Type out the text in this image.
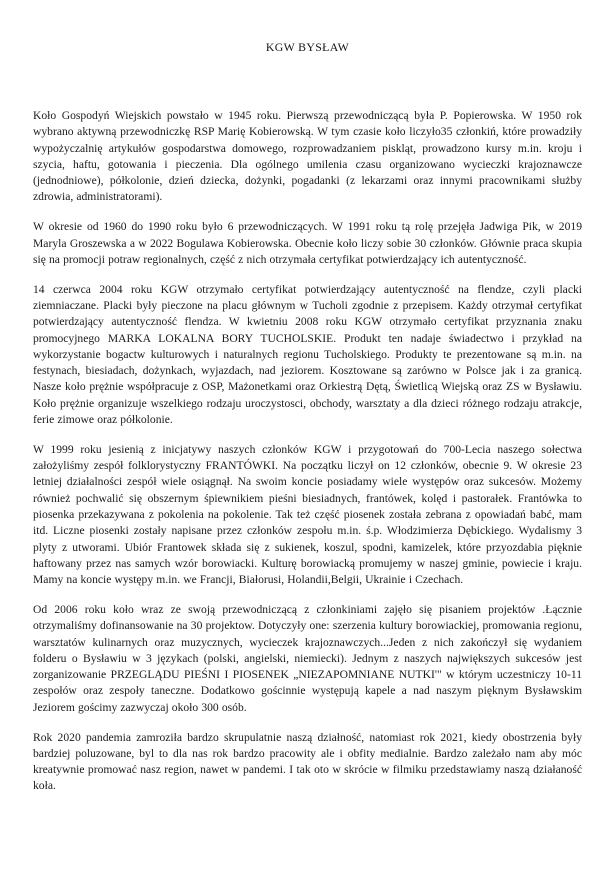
KGW BYSŁAW

Koło Gospodyń Wiejskich powstało w 1945 roku. Pierwszą przewodniczącą była P. Popierowska. W 1950 rok wybrano aktywną przewodniczkę RSP Marię Kobierowską. W tym czasie koło liczyło35 członkiń, które prowadziły wypożyczalnię artykułów gospodarstwa domowego, rozprowadzaniem piskląt, prowadzono kursy m.in. kroju i szycia, haftu, gotowania i pieczenia. Dla ogólnego umilenia czasu organizowano wycieczki krajoznawcze (jednodniowe), półkolonie, dzień dziecka, dożynki, pogadanki (z lekarzami oraz innymi pracownikami służby zdrowia, administratorami).

W okresie od 1960 do 1990 roku było 6 przewodniczących. W 1991 roku tą rolę przejęła Jadwiga Pik, w 2019 Maryla Groszewska a w 2022 Bogulawa Kobierowska. Obecnie koło liczy sobie 30 członków. Głównie praca skupia się na promocji potraw regionalnych, część z nich otrzymała certyfikat potwierdzający ich autentyczność.

14 czerwca 2004 roku KGW otrzymało certyfikat potwierdzający autentyczność na flendze, czyli placki ziemniaczane. Placki były pieczone na placu głównym w Tucholi zgodnie z przepisem. Każdy otrzymał certyfikat potwierdzający autentyczność flendza. W kwietniu 2008 roku KGW otrzymało certyfikat przyznania znaku promocyjnego MARKA LOKALNA BORY TUCHOLSKIE. Produkt ten nadaje świadectwo i przykład na wykorzystanie bogactw kulturowych i naturalnych regionu Tucholskiego. Produkty te prezentowane są m.in. na festynach, biesiadach, dożynkach, wyjazdach, nad jeziorem. Kosztowane są zarówno w Polsce jak i za granicą. Nasze koło prężnie współpracuje z OSP, Mażonetkami oraz Orkiestrą Dętą, Świetlicą Wiejską oraz ZS w Bysławiu. Koło prężnie organizuje wszelkiego rodzaju uroczystosci, obchody, warsztaty a dla dzieci różnego rodzaju atrakcje, ferie zimowe oraz półkolonie.

W 1999 roku jesienią z inicjatywy naszych członków KGW i przygotowań do 700-Lecia naszego sołectwa założyliśmy zespół folklorystyczny FRANTÓWKI. Na początku liczył on 12 członków, obecnie 9. W okresie 23 letniej działalności zespół wiele osiągnął. Na swoim koncie posiadamy wiele występów oraz sukcesów. Możemy również pochwalić się obszernym śpiewnikiem pieśni biesiadnych, frantówek, kolęd i pastorałek. Frantówka to piosenka przekazywana z pokolenia na pokolenie. Tak też część piosenek została zebrana z opowiadań babć, mam itd. Liczne piosenki zostały napisane przez członków zespołu m.in. ś.p. Włodzimierza Dębickiego. Wydalismy 3 plyty z utworami. Ubiór Frantowek składa się z sukienek, koszul, spodni, kamizelek, które przyozdabia pięknie haftowany przez nas samych wzór borowiacki. Kulturę borowiacką promujemy w naszej gminie, powiecie i kraju. Mamy na koncie występy m.in. we Francji, Białorusi, Holandii,Belgii, Ukrainie i Czechach.

Od 2006 roku koło wraz ze swoją przewodniczącą z członkiniami zajęło się pisaniem projektów .Łącznie otrzymaliśmy dofinansowanie na 30 projektow. Dotyczyły one: szerzenia kultury borowiackiej, promowania regionu, warsztatów kulinarnych oraz muzycznych, wycieczek krajoznawczych...Jeden z nich zakończył się wydaniem folderu o Bysławiu w 3 językach (polski, angielski, niemiecki). Jednym z naszych największych sukcesów jest zorganizowanie PRZEGLĄDU PIEŚNI I PIOSENEK „NIEZAPOMNIANE NUTKI'" w którym uczestniczy 10-11 zespołów oraz zespoły taneczne. Dodatkowo gościnnie występują kapele a nad naszym pięknym Bysławskim Jeziorem gościmy zazwyczaj około 300 osób.

Rok 2020 pandemia zamroziła bardzo skrupulatnie naszą działność, natomiast rok 2021, kiedy obostrzenia były bardziej poluzowane, byl to dla nas rok bardzo pracowity ale i obfity medialnie. Bardzo zależało nam aby móc kreatywnie promować nasz region, nawet w pandemi. I tak oto w skrócie w filmiku przedstawiamy naszą działaność koła.
